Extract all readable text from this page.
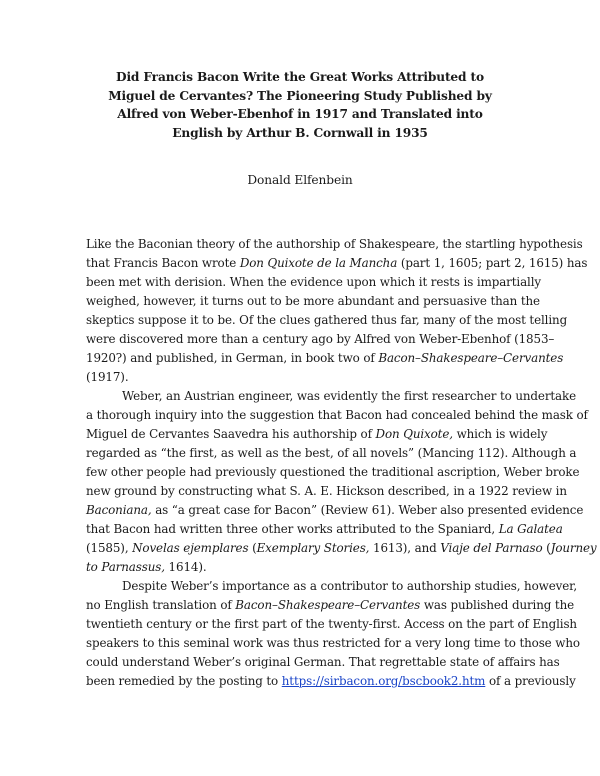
Did Francis Bacon Write the Great Works Attributed to
Miguel de Cervantes? The Pioneering Study Published by
Alfred von Weber-Ebenhof in 1917 and Translated into
English by Arthur B. Cornwall in 1935
Donald Elfenbein
Like the Baconian theory of the authorship of Shakespeare, the startling hypothesis
that Francis Bacon wrote Don Quixote de la Mancha (part 1, 1605; part 2, 1615) has
been met with derision. When the evidence upon which it rests is impartially
weighed, however, it turns out to be more abundant and persuasive than the
skeptics suppose it to be. Of the clues gathered thus far, many of the most telling
were discovered more than a century ago by Alfred von Weber-Ebenhof (1853–
1920?) and published, in German, in book two of Bacon–Shakespeare–Cervantes
(1917).
Weber, an Austrian engineer, was evidently the first researcher to undertake
a thorough inquiry into the suggestion that Bacon had concealed behind the mask of
Miguel de Cervantes Saavedra his authorship of Don Quixote, which is widely
regarded as “the first, as well as the best, of all novels” (Mancing 112). Although a
few other people had previously questioned the traditional ascription, Weber broke
new ground by constructing what S. A. E. Hickson described, in a 1922 review in
Baconiana, as “a great case for Bacon” (Review 61). Weber also presented evidence
that Bacon had written three other works attributed to the Spaniard, La Galatea
(1585), Novelas ejemplares (Exemplary Stories, 1613), and Viaje del Parnaso (Journey
to Parnassus, 1614).
Despite Weber’s importance as a contributor to authorship studies, however,
no English translation of Bacon–Shakespeare–Cervantes was published during the
twentieth century or the first part of the twenty-first. Access on the part of English
speakers to this seminal work was thus restricted for a very long time to those who
could understand Weber’s original German. That regrettable state of affairs has
been remedied by the posting to https://sirbacon.org/bscbook2.htm of a previously
